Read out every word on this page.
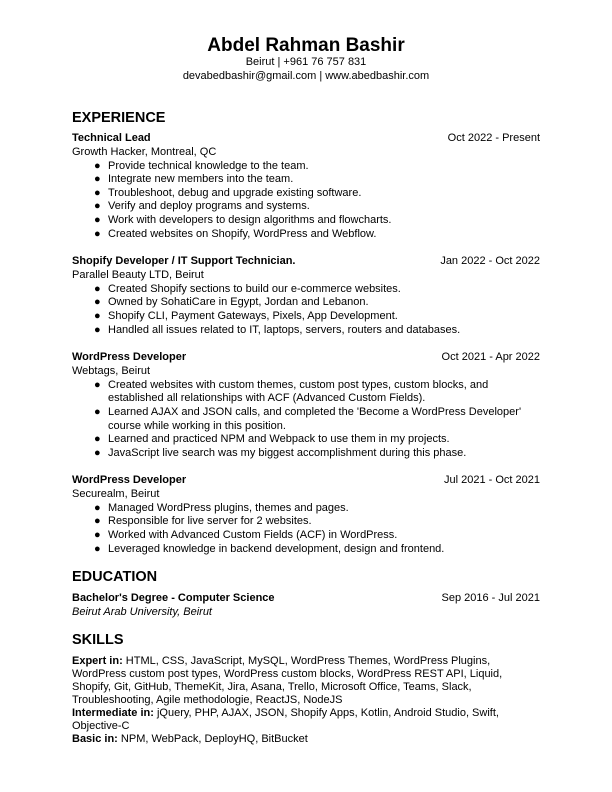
Abdel Rahman Bashir
Beirut | +961 76 757 831
devabedbashir@gmail.com | www.abedbashir.com
EXPERIENCE
Technical Lead	Oct 2022 - Present
Growth Hacker, Montreal, QC
● Provide technical knowledge to the team.
● Integrate new members into the team.
● Troubleshoot, debug and upgrade existing software.
● Verify and deploy programs and systems.
● Work with developers to design algorithms and flowcharts.
● Created websites on Shopify, WordPress and Webflow.
Shopify Developer / IT Support Technician.	Jan 2022 - Oct 2022
Parallel Beauty LTD, Beirut
● Created Shopify sections to build our e-commerce websites.
● Owned by SohatiCare in Egypt, Jordan and Lebanon.
● Shopify CLI, Payment Gateways, Pixels, App Development.
● Handled all issues related to IT, laptops, servers, routers and databases.
WordPress Developer	Oct 2021 - Apr 2022
Webtags, Beirut
● Created websites with custom themes, custom post types, custom blocks, and established all relationships with ACF (Advanced Custom Fields).
● Learned AJAX and JSON calls, and completed the 'Become a WordPress Developer' course while working in this position.
● Learned and practiced NPM and Webpack to use them in my projects.
● JavaScript live search was my biggest accomplishment during this phase.
WordPress Developer	Jul 2021 - Oct 2021
Securealm, Beirut
● Managed WordPress plugins, themes and pages.
● Responsible for live server for 2 websites.
● Worked with Advanced Custom Fields (ACF) in WordPress.
● Leveraged knowledge in backend development, design and frontend.
EDUCATION
Bachelor's Degree - Computer Science	Sep 2016 - Jul 2021
Beirut Arab University, Beirut
SKILLS
Expert in: HTML, CSS, JavaScript, MySQL, WordPress Themes, WordPress Plugins, WordPress custom post types, WordPress custom blocks, WordPress REST API, Liquid, Shopify, Git, GitHub, ThemeKit, Jira, Asana, Trello, Microsoft Office, Teams, Slack, Troubleshooting, Agile methodologie, ReactJS, NodeJS
Intermediate in: jQuery, PHP, AJAX, JSON, Shopify Apps, Kotlin, Android Studio, Swift, Objective-C
Basic in: NPM, WebPack, DeployHQ, BitBucket
